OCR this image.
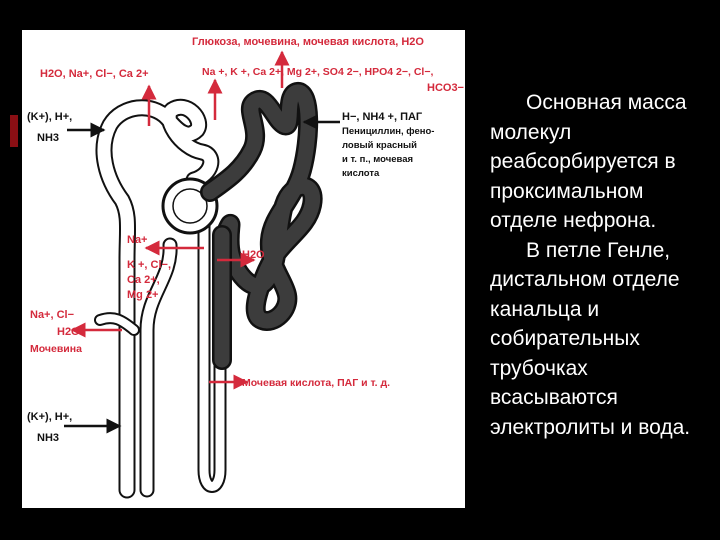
Глюкоза, мочевина, мочевая кислота, H2O
H2O, Na+, Cl−, Ca 2+	Na +, K +, Ca 2+, Mg 2+, SO4 2−, HPO4 2−, Cl−,
HCO3−
(K+), H+,
NH3
H−, NH4 +, ПАГ
Пенициллин, фено-
ловый красный
и т. п., мочевая
кислота
Na+
K +, Cl−,
Ca 2+,
Mg 2+
H2O
Na+, Cl−
H2O
Мочевина
(K+), H+,
NH3
Мочевая кислота, ПАГ и т. д.

Основная масса молекул реабсорбируется в проксимальном отделе нефрона.

В петле Генле, дистальном отделе канальца и собирательных трубочках всасываются электролиты и вода.
